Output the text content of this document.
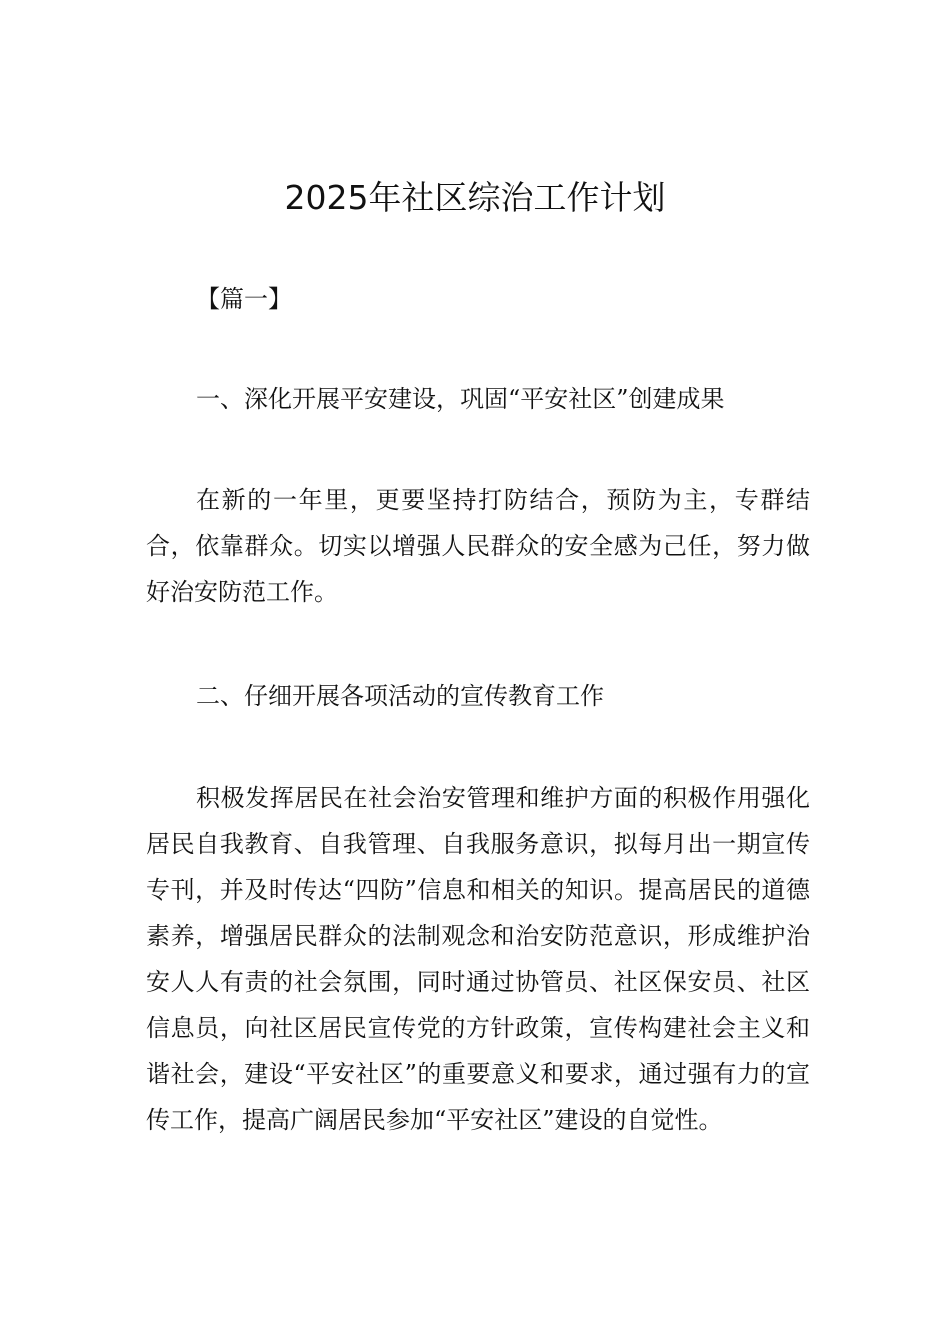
2025年社区综治工作计划
【篇一】
一、深化开展平安建设，巩固“平安社区”创建成果
在新的一年里，更要坚持打防结合，预防为主，专群结合，依靠群众。切实以增强人民群众的安全感为己任，努力做好治安防范工作。
二、仔细开展各项活动的宣传教育工作
积极发挥居民在社会治安管理和维护方面的积极作用强化居民自我教育、自我管理、自我服务意识，拟每月出一期宣传专刊，并及时传达“四防”信息和相关的知识。提高居民的道德素养，增强居民群众的法制观念和治安防范意识，形成维护治安人人有责的社会氛围，同时通过协管员、社区保安员、社区信息员，向社区居民宣传党的方针政策，宣传构建社会主义和谐社会，建设“平安社区”的重要意义和要求，通过强有力的宣传工作，提高广阔居民参加“平安社区”建设的自觉性。
